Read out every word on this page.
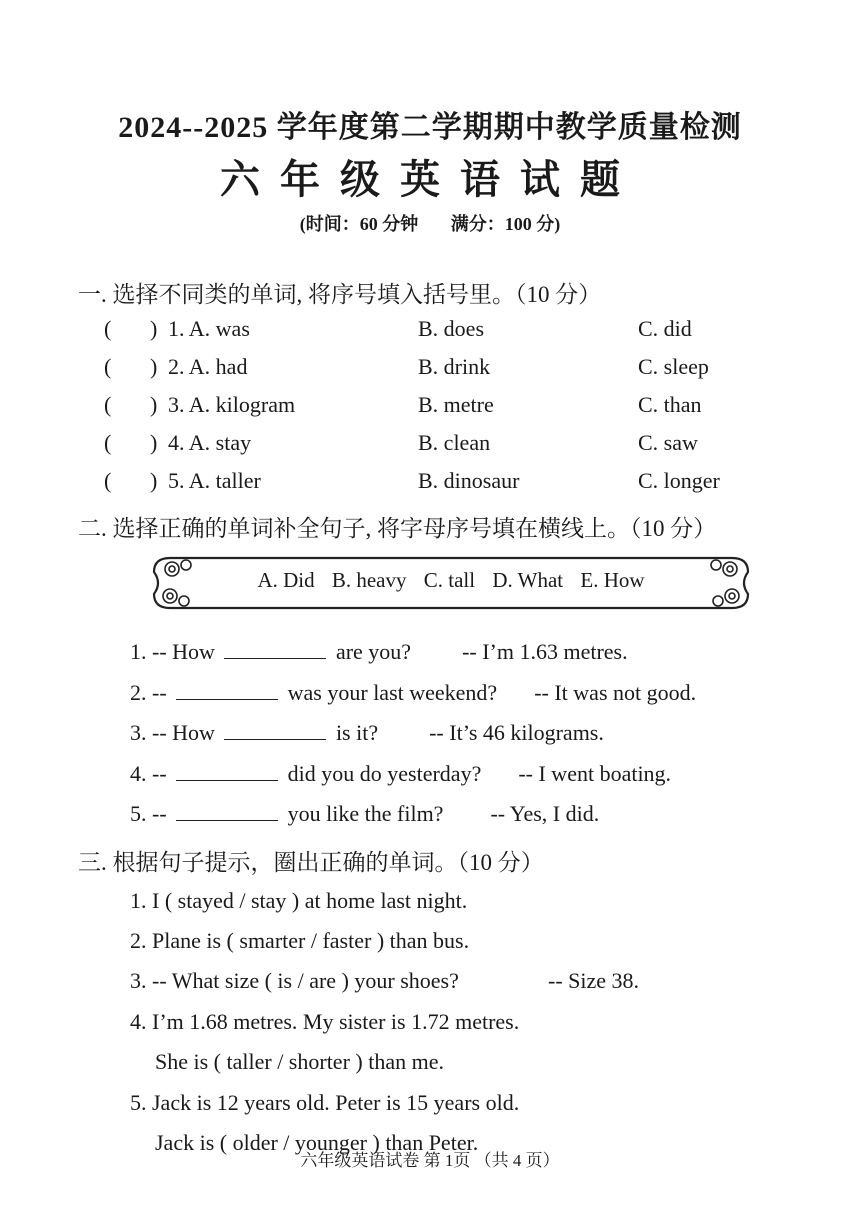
2024--2025 学年度第二学期期中教学质量检测
六年级英语试题
(时间：60 分钟 满分：100 分)
一. 选择不同类的单词, 将序号填入括号里。（10 分）
( ) 1. A. was	B. does	C. did
( ) 2. A. had	B. drink	C. sleep
( ) 3. A. kilogram	B. metre	C. than
( ) 4. A. stay	B. clean	C. saw
( ) 5. A. taller	B. dinosaur	C. longer
二. 选择正确的单词补全句子, 将字母序号填在横线上。（10 分）
A. Did B. heavy C. tall D. What E. How
1. -- How	are you? -- I’m 1.63 metres.
2. --	was your last weekend? -- It was not good.
3. -- How	is it? -- It’s 46 kilograms.
4. --	did you do yesterday? -- I went boating.
5. --	you like the film? -- Yes, I did.
三. 根据句子提示，圈出正确的单词。（10 分）
1. I ( stayed / stay ) at home last night.
2. Plane is ( smarter / faster ) than bus.
3. -- What size ( is / are ) your shoes?	-- Size 38.
4. I’m 1.68 metres. My sister is 1.72 metres.
She is ( taller / shorter ) than me.
5. Jack is 12 years old. Peter is 15 years old.
Jack is ( older / younger ) than Peter.
六年级英语试卷 第 1页 （共 4 页）
